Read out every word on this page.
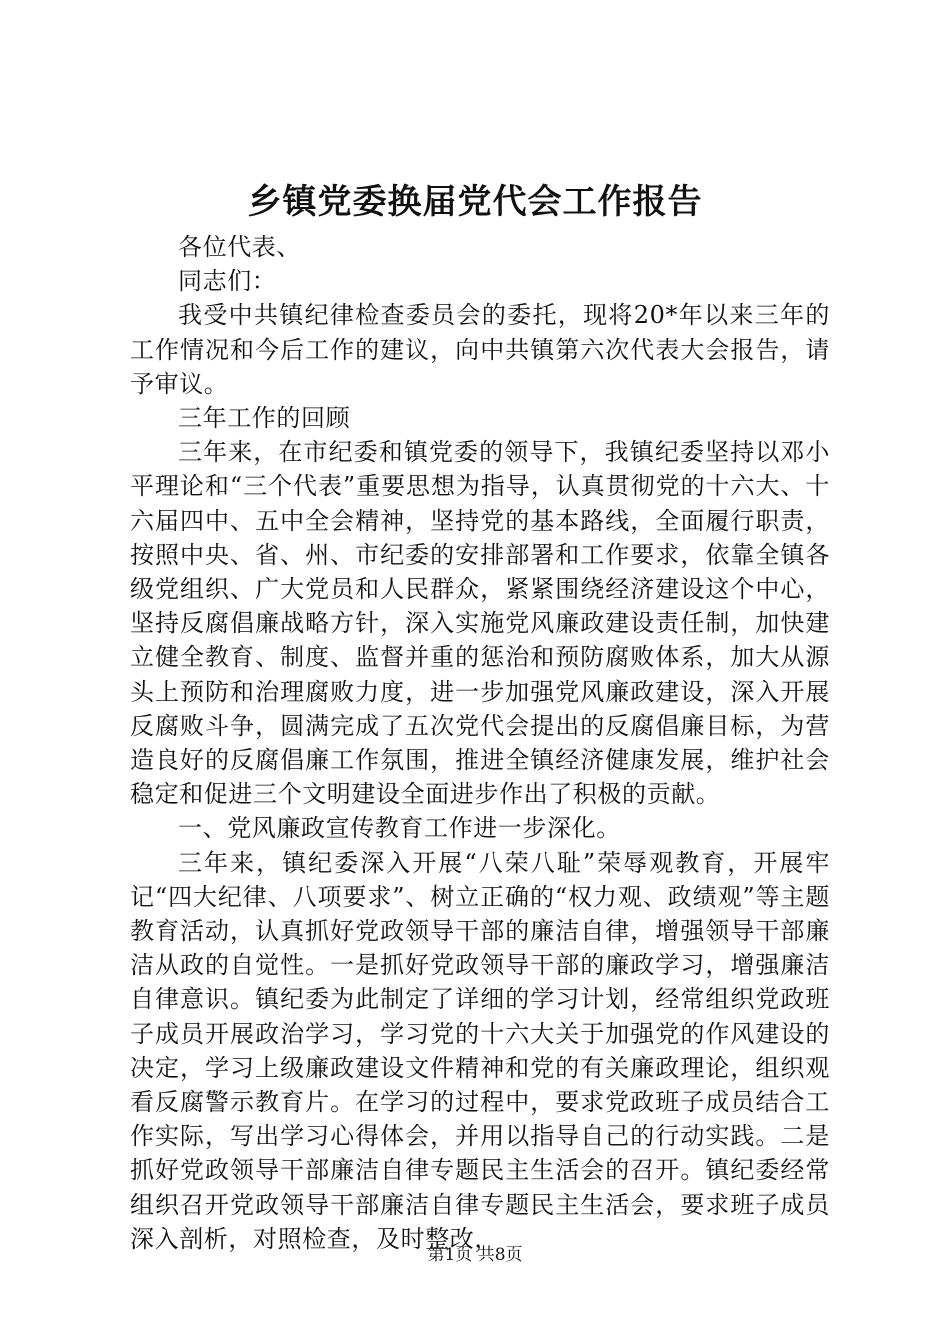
乡镇党委换届党代会工作报告

各位代表、

同志们：

我受中共镇纪律检查委员会的委托，现将20*年以来三年的工作情况和今后工作的建议，向中共镇第六次代表大会报告，请予审议。

三年工作的回顾

三年来，在市纪委和镇党委的领导下，我镇纪委坚持以邓小平理论和“三个代表”重要思想为指导，认真贯彻党的十六大、十六届四中、五中全会精神，坚持党的基本路线，全面履行职责，按照中央、省、州、市纪委的安排部署和工作要求，依靠全镇各级党组织、广大党员和人民群众，紧紧围绕经济建设这个中心，坚持反腐倡廉战略方针，深入实施党风廉政建设责任制，加快建立健全教育、制度、监督并重的惩治和预防腐败体系，加大从源头上预防和治理腐败力度，进一步加强党风廉政建设，深入开展反腐败斗争，圆满完成了五次党代会提出的反腐倡廉目标，为营造良好的反腐倡廉工作氛围，推进全镇经济健康发展，维护社会稳定和促进三个文明建设全面进步作出了积极的贡献。

一、党风廉政宣传教育工作进一步深化。

三年来，镇纪委深入开展“八荣八耻”荣辱观教育，开展牢记“四大纪律、八项要求”、树立正确的“权力观、政绩观”等主题教育活动，认真抓好党政领导干部的廉洁自律，增强领导干部廉洁从政的自觉性。一是抓好党政领导干部的廉政学习，增强廉洁自律意识。镇纪委为此制定了详细的学习计划，经常组织党政班子成员开展政治学习，学习党的十六大关于加强党的作风建设的决定，学习上级廉政建设文件精神和党的有关廉政理论，组织观看反腐警示教育片。在学习的过程中，要求党政班子成员结合工作实际，写出学习心得体会，并用以指导自己的行动实践。二是抓好党政领导干部廉洁自律专题民主生活会的召开。镇纪委经常组织召开党政领导干部廉洁自律专题民主生活会，要求班子成员深入剖析，对照检查，及时整改，

第1页 共8页
